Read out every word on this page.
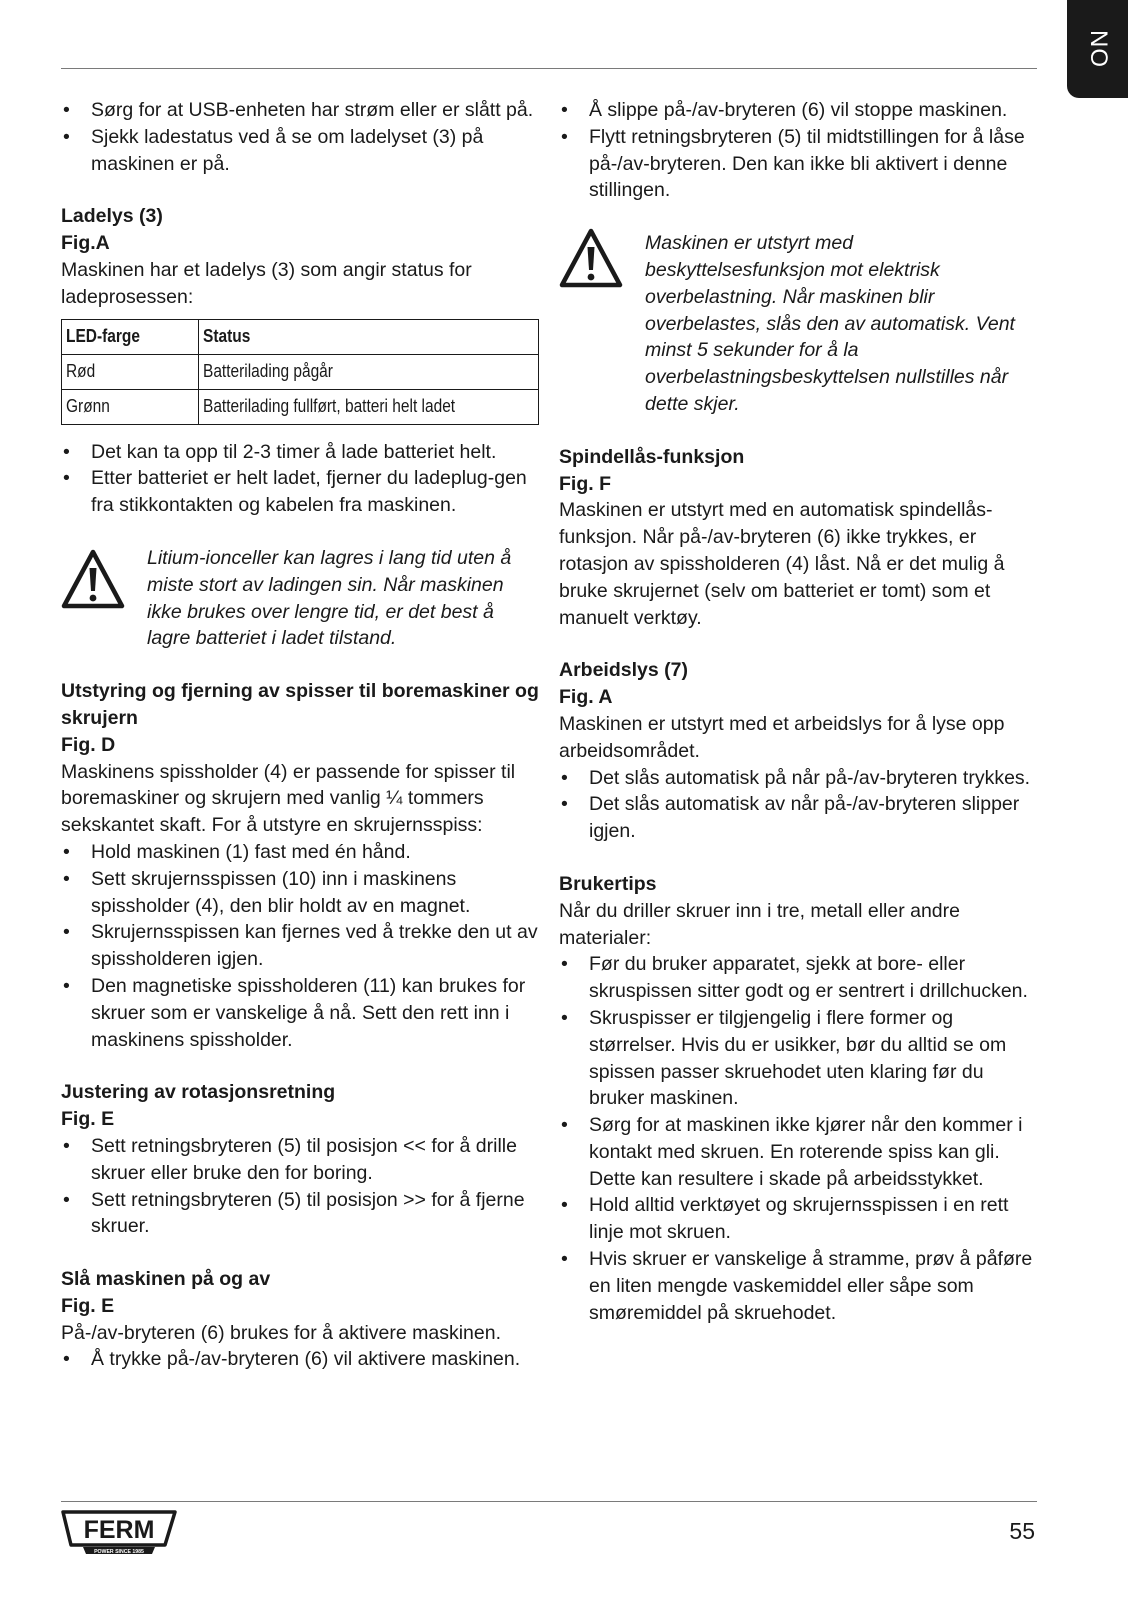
NO
• Sørg for at USB-enheten har strøm eller er slått på.
• Sjekk ladestatus ved å se om ladelyset (3) på maskinen er på.

Ladelys (3)

Fig.A

Maskinen har et ladelys (3) som angir status for ladeprosessen:

LED-farge	Status
Rød	Batterilading pågår
Grønn	Batterilading fullført, batteri helt ladet
• Det kan ta opp til 2-3 timer å lade batteriet helt.
• Etter batteriet er helt ladet, fjerner du ladeplug-gen fra stikkontakten og kabelen fra maskinen.

Litium-ionceller kan lagres i lang tid uten å miste stort av ladingen sin. Når maskinen ikke brukes over lengre tid, er det best å lagre batteriet i ladet tilstand.

Utstyring og fjerning av spisser til boremaskiner og skrujern

Fig. D

Maskinens spissholder (4) er passende for spisser til boremaskiner og skrujern med vanlig ¼ tommers sekskantet skaft. For å utstyre en skrujernsspiss:

• Hold maskinen (1) fast med én hånd.
• Sett skrujernsspissen (10) inn i maskinens spissholder (4), den blir holdt av en magnet.
• Skrujernsspissen kan fjernes ved å trekke den ut av spissholderen igjen.
• Den magnetiske spissholderen (11) kan brukes for skruer som er vanskelige å nå. Sett den rett inn i maskinens spissholder.

Justering av rotasjonsretning

Fig. E

• Sett retningsbryteren (5) til posisjon << for å drille skruer eller bruke den for boring.
• Sett retningsbryteren (5) til posisjon >> for å fjerne skruer.

Slå maskinen på og av

Fig. E

På-/av-bryteren (6) brukes for å aktivere maskinen.

• Å trykke på-/av-bryteren (6) vil aktivere maskinen.
• Å slippe på-/av-bryteren (6) vil stoppe maskinen.
• Flytt retningsbryteren (5) til midtstillingen for å låse på-/av-bryteren. Den kan ikke bli aktivert i denne stillingen.

Maskinen er utstyrt med beskyttelsesfunksjon mot elektrisk overbelastning. Når maskinen blir overbelastes, slås den av automatisk. Vent minst 5 sekunder for å la overbelastningsbeskyttelsen nullstilles når dette skjer.

Spindellås-funksjon

Fig. F

Maskinen er utstyrt med en automatisk spindellås-funksjon. Når på-/av-bryteren (6) ikke trykkes, er rotasjon av spissholderen (4) låst. Nå er det mulig å bruke skrujernet (selv om batteriet er tomt) som et manuelt verktøy.

Arbeidslys (7)

Fig. A

Maskinen er utstyrt med et arbeidslys for å lyse opp arbeidsområdet.

• Det slås automatisk på når på-/av-bryteren trykkes.
• Det slås automatisk av når på-/av-bryteren slipper igjen.

Brukertips

Når du driller skruer inn i tre, metall eller andre materialer:

• Før du bruker apparatet, sjekk at bore- eller skruspissen sitter godt og er sentrert i drillchucken.
• Skruspisser er tilgjengelig i flere former og størrelser. Hvis du er usikker, bør du alltid se om spissen passer skruehodet uten klaring før du bruker maskinen.
• Sørg for at maskinen ikke kjører når den kommer i kontakt med skruen. En roterende spiss kan gli. Dette kan resultere i skade på arbeidsstykket.
• Hold alltid verktøyet og skrujernsspissen i en rett linje mot skruen.
• Hvis skruer er vanskelige å stramme, prøv å påføre en liten mengde vaskemiddel eller såpe som smøremiddel på skruehodet.
FERM
POWER SINCE 1985
55
